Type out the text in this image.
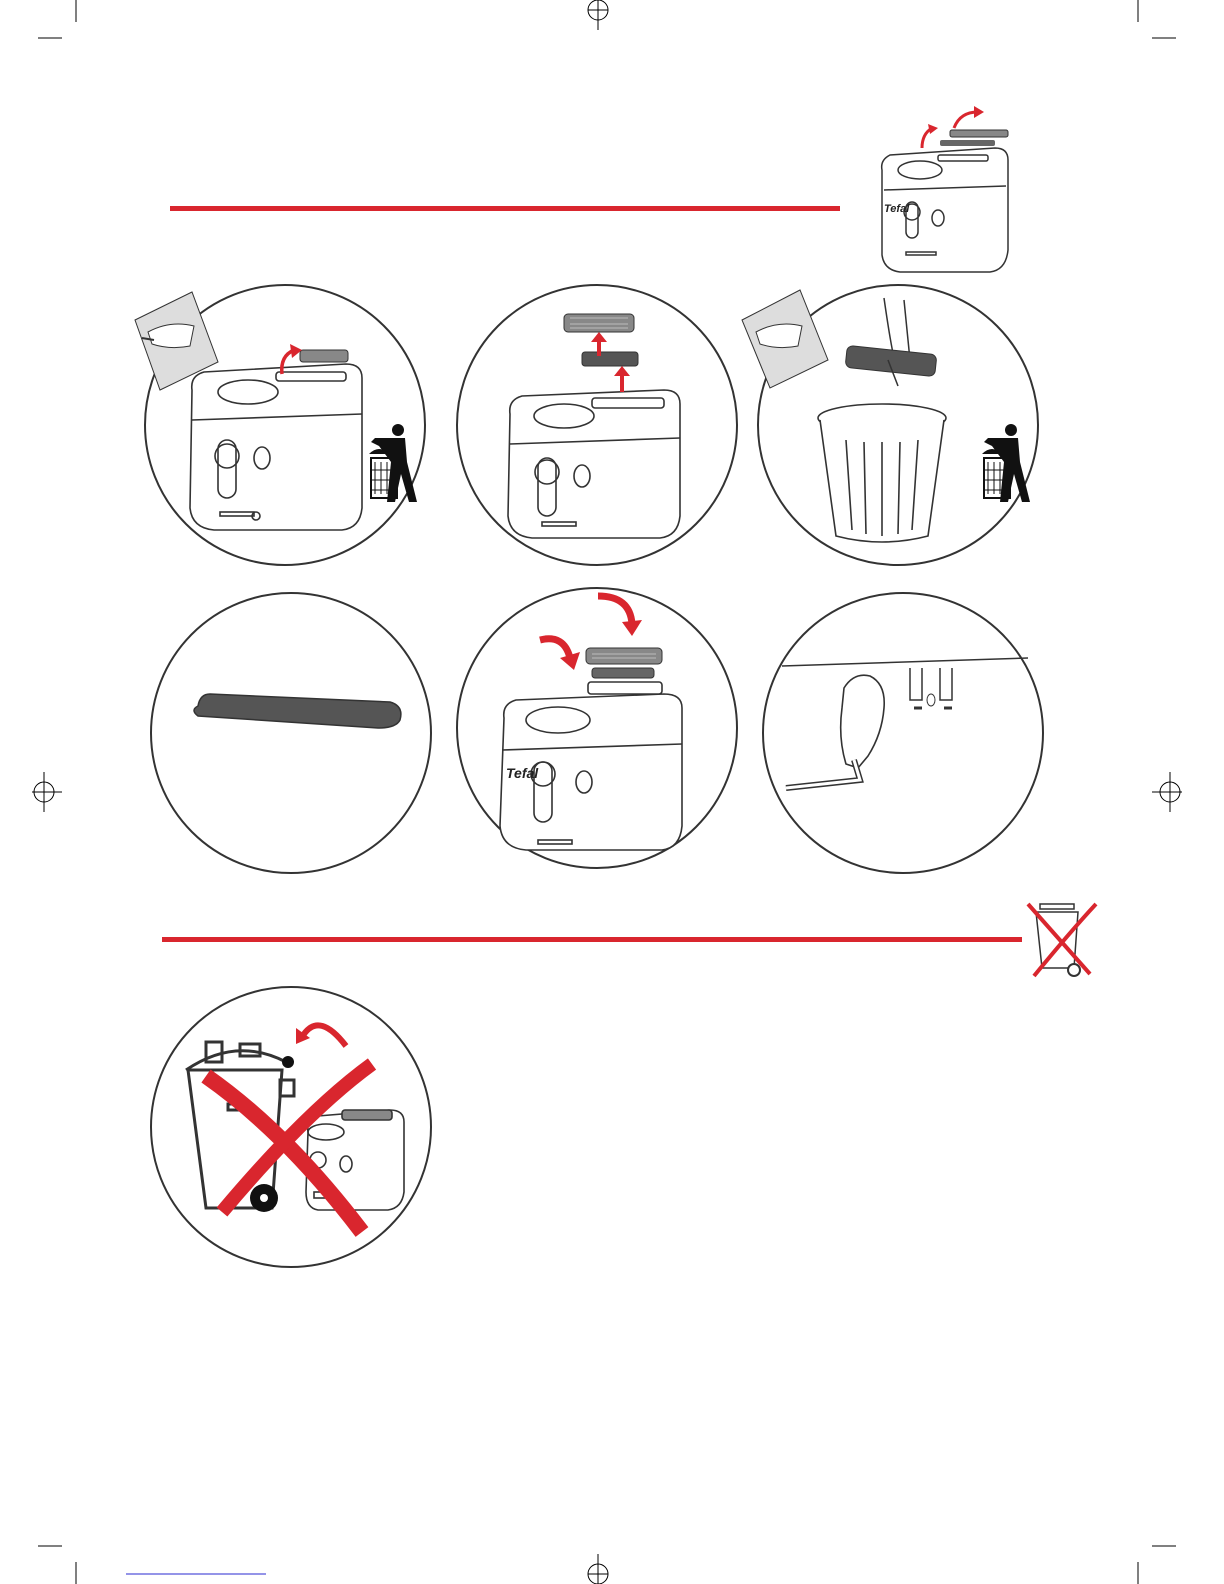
Tefal
Tefal
